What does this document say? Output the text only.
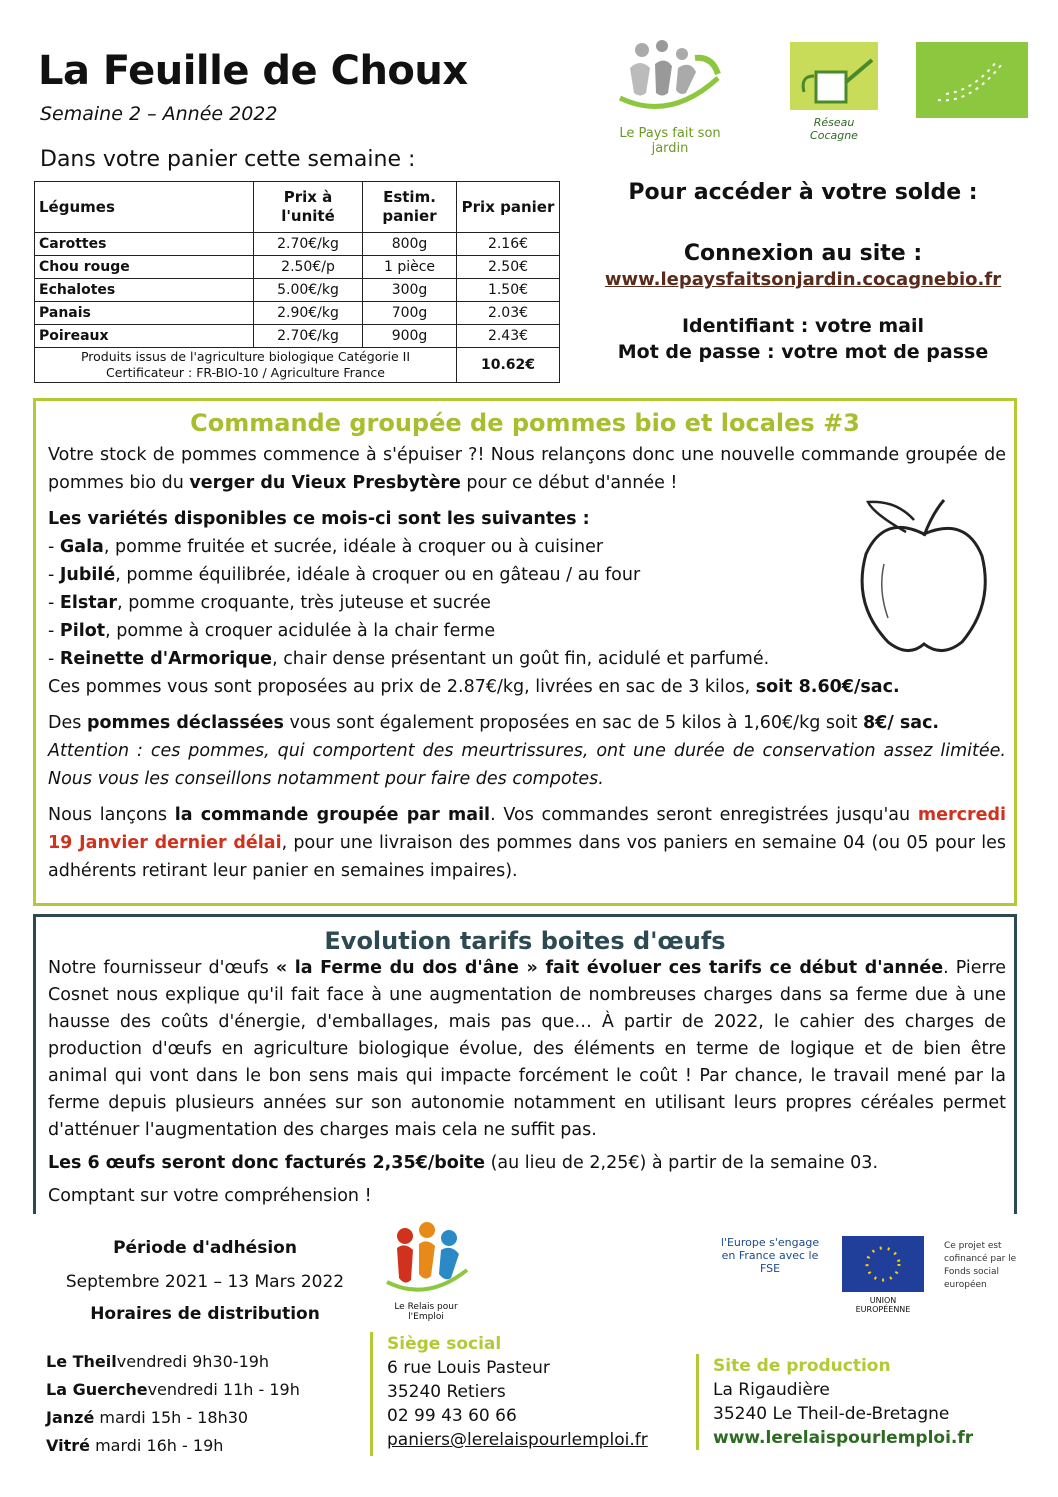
La Feuille de Choux
Semaine 2 – Année 2022
Dans votre panier cette semaine :
Le Pays fait son jardin
Réseau Cocagne
Légumes	Prix à l'unité	Estim. panier	Prix panier
Carottes	2.70€/kg	800g	2.16€
Chou rouge	2.50€/p	1 pièce	2.50€
Echalotes	5.00€/kg	300g	1.50€
Panais	2.90€/kg	700g	2.03€
Poireaux	2.70€/kg	900g	2.43€

Produits issus de l'agriculture biologique Catégorie II
Certificateur : FR-BIO-10 / Agriculture France			10.62€
Pour accéder à votre solde :
Connexion au site :
www.lepaysfaitsonjardin.cocagnebio.fr
Identifiant : votre mail
Mot de passe : votre mot de passe
Commande groupée de pommes bio et locales #3

Votre stock de pommes commence à s'épuiser ?! Nous relançons donc une nouvelle commande groupée de pommes bio du verger du Vieux Presbytère pour ce début d'année !

Les variétés disponibles ce mois-ci sont les suivantes :

- Gala, pomme fruitée et sucrée, idéale à croquer ou à cuisiner

- Jubilé, pomme équilibrée, idéale à croquer ou en gâteau / au four

- Elstar, pomme croquante, très juteuse et sucrée

- Pilot, pomme à croquer acidulée à la chair ferme

- Reinette d'Armorique, chair dense présentant un goût fin, acidulé et parfumé.

Ces pommes vous sont proposées au prix de 2.87€/kg, livrées en sac de 3 kilos, soit 8.60€/sac.

Des pommes déclassées vous sont également proposées en sac de 5 kilos à 1,60€/kg soit 8€/ sac.

Attention : ces pommes, qui comportent des meurtrissures, ont une durée de conservation assez limitée. Nous vous les conseillons notamment pour faire des compotes.

Nous lançons la commande groupée par mail. Vos commandes seront enregistrées jusqu'au mercredi 19 Janvier dernier délai, pour une livraison des pommes dans vos paniers en semaine 04 (ou 05 pour les adhérents retirant leur panier en semaines impaires).

Evolution tarifs boites d'œufs

Notre fournisseur d'œufs « la Ferme du dos d'âne » fait évoluer ces tarifs ce début d'année. Pierre Cosnet nous explique qu'il fait face à une augmentation de nombreuses charges dans sa ferme due à une hausse des coûts d'énergie, d'emballages, mais pas que… À partir de 2022, le cahier des charges de production d'œufs en agriculture biologique évolue, des éléments en terme de logique et de bien être animal qui vont dans le bon sens mais qui impacte forcément le coût ! Par chance, le travail mené par la ferme depuis plusieurs années sur son autonomie notamment en utilisant leurs propres céréales permet d'atténuer l'augmentation des charges mais cela ne suffit pas.

Les 6 œufs seront donc facturés 2,35€/boite (au lieu de 2,25€) à partir de la semaine 03.

Comptant sur votre compréhension !

Période d'adhésion
Septembre 2021 – 13 Mars 2022
Horaires de distribution
Le Theilvendredi 9h30-19h
La Guerchevendredi 11h - 19h
Janzé mardi 15h - 18h30
Vitré mardi 16h - 19h
Le Relais pour l'Emploi
l'Europe s'engage en France avec le FSE
UNION EUROPÉENNE
Ce projet est cofinancé par le Fonds social européen
Siège social
6 rue Louis Pasteur
35240 Retiers
02 99 43 60 66
paniers@lerelaispourlemploi.fr
Site de production
La Rigaudière
35240 Le Theil-de-Bretagne
www.lerelaispourlemploi.fr
